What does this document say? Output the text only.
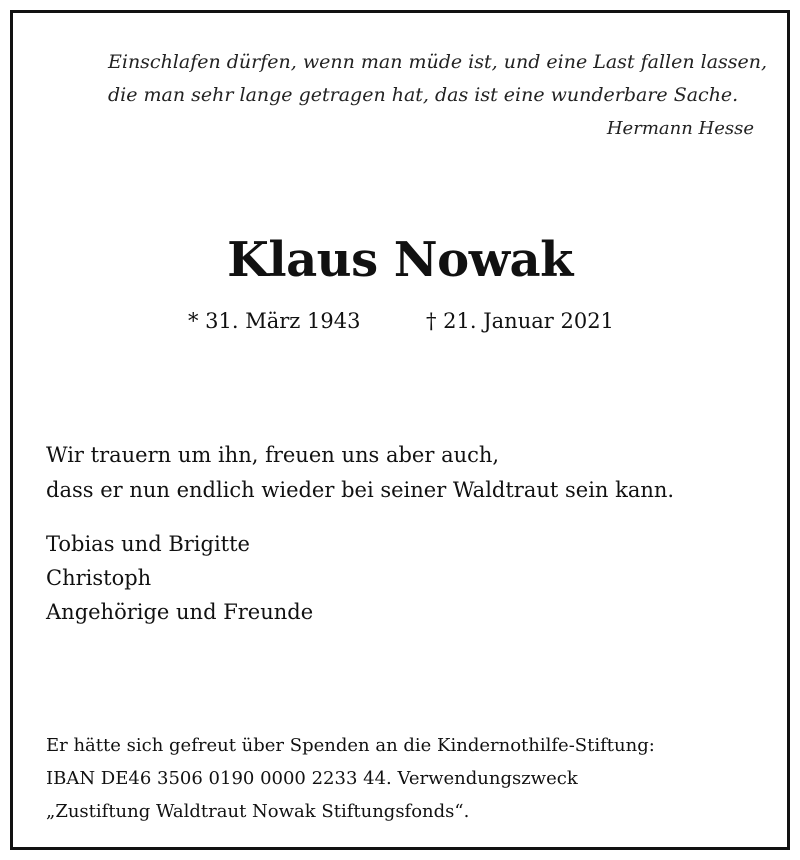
Einschlafen dürfen, wenn man müde ist, und eine Last fallen lassen,
die man sehr lange getragen hat, das ist eine wunderbare Sache.
Hermann Hesse
Klaus Nowak
* 31. März 1943	† 21. Januar 2021
Wir trauern um ihn, freuen uns aber auch,
dass er nun endlich wieder bei seiner Waldtraut sein kann.
Tobias und Brigitte
Christoph
Angehörige und Freunde
Er hätte sich gefreut über Spenden an die Kindernothilfe-Stiftung:
IBAN DE46 3506 0190 0000 2233 44. Verwendungszweck
„Zustiftung Waldtraut Nowak Stiftungsfonds“.
